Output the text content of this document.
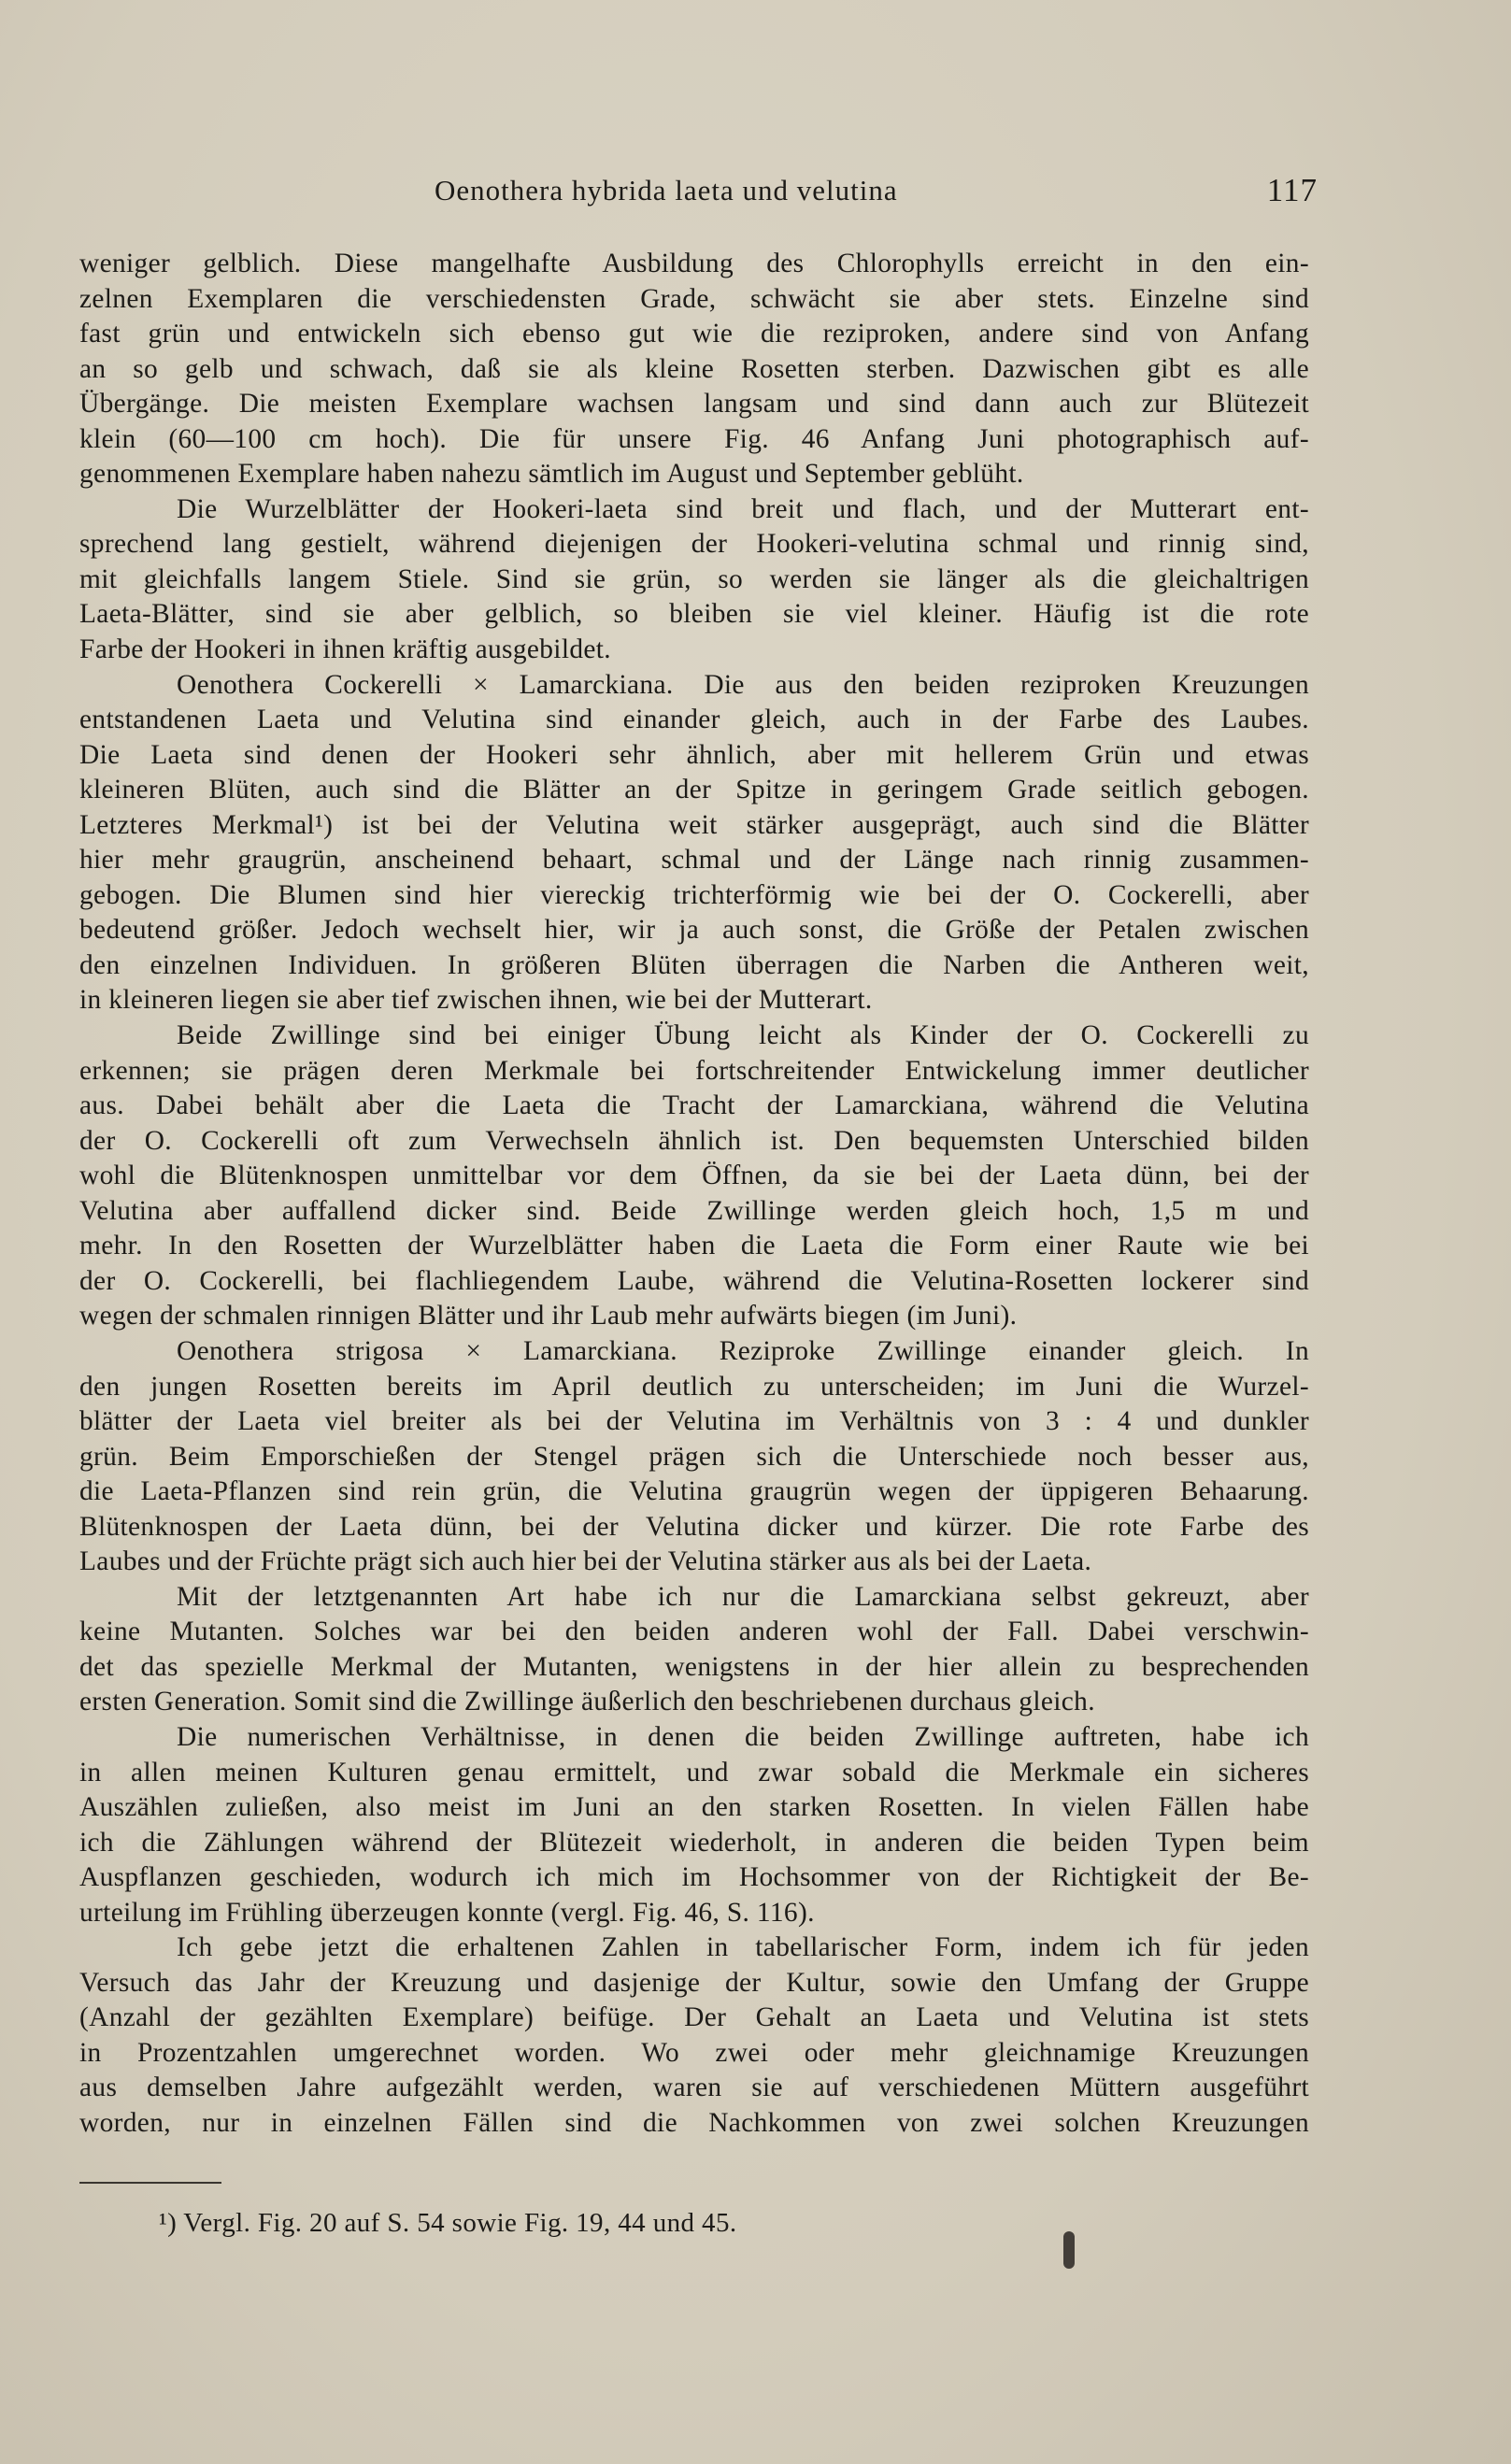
Oenothera hybrida laeta und velutina	117
weniger gelblich. Diese mangelhafte Ausbildung des Chlorophylls erreicht in den ein-
zelnen Exemplaren die verschiedensten Grade, schwächt sie aber stets. Einzelne sind
fast grün und entwickeln sich ebenso gut wie die reziproken, andere sind von Anfang
an so gelb und schwach, daß sie als kleine Rosetten sterben. Dazwischen gibt es alle
Übergänge. Die meisten Exemplare wachsen langsam und sind dann auch zur Blütezeit
klein (60—100 cm hoch). Die für unsere Fig. 46 Anfang Juni photographisch auf-
genommenen Exemplare haben nahezu sämtlich im August und September geblüht.
Die Wurzelblätter der Hookeri-laeta sind breit und flach, und der Mutterart ent-
sprechend lang gestielt, während diejenigen der Hookeri-velutina schmal und rinnig sind,
mit gleichfalls langem Stiele. Sind sie grün, so werden sie länger als die gleichaltrigen
Laeta-Blätter, sind sie aber gelblich, so bleiben sie viel kleiner. Häufig ist die rote
Farbe der Hookeri in ihnen kräftig ausgebildet.
Oenothera Cockerelli × Lamarckiana. Die aus den beiden reziproken Kreuzungen
entstandenen Laeta und Velutina sind einander gleich, auch in der Farbe des Laubes.
Die Laeta sind denen der Hookeri sehr ähnlich, aber mit hellerem Grün und etwas
kleineren Blüten, auch sind die Blätter an der Spitze in geringem Grade seitlich gebogen.
Letzteres Merkmal¹) ist bei der Velutina weit stärker ausgeprägt, auch sind die Blätter
hier mehr graugrün, anscheinend behaart, schmal und der Länge nach rinnig zusammen-
gebogen. Die Blumen sind hier viereckig trichterförmig wie bei der O. Cockerelli, aber
bedeutend größer. Jedoch wechselt hier, wir ja auch sonst, die Größe der Petalen zwischen
den einzelnen Individuen. In größeren Blüten überragen die Narben die Antheren weit,
in kleineren liegen sie aber tief zwischen ihnen, wie bei der Mutterart.
Beide Zwillinge sind bei einiger Übung leicht als Kinder der O. Cockerelli zu
erkennen; sie prägen deren Merkmale bei fortschreitender Entwickelung immer deutlicher
aus. Dabei behält aber die Laeta die Tracht der Lamarckiana, während die Velutina
der O. Cockerelli oft zum Verwechseln ähnlich ist. Den bequemsten Unterschied bilden
wohl die Blütenknospen unmittelbar vor dem Öffnen, da sie bei der Laeta dünn, bei der
Velutina aber auffallend dicker sind. Beide Zwillinge werden gleich hoch, 1,5 m und
mehr. In den Rosetten der Wurzelblätter haben die Laeta die Form einer Raute wie bei
der O. Cockerelli, bei flachliegendem Laube, während die Velutina-Rosetten lockerer sind
wegen der schmalen rinnigen Blätter und ihr Laub mehr aufwärts biegen (im Juni).
Oenothera strigosa × Lamarckiana. Reziproke Zwillinge einander gleich. In
den jungen Rosetten bereits im April deutlich zu unterscheiden; im Juni die Wurzel-
blätter der Laeta viel breiter als bei der Velutina im Verhältnis von 3 : 4 und dunkler
grün. Beim Emporschießen der Stengel prägen sich die Unterschiede noch besser aus,
die Laeta-Pflanzen sind rein grün, die Velutina graugrün wegen der üppigeren Behaarung.
Blütenknospen der Laeta dünn, bei der Velutina dicker und kürzer. Die rote Farbe des
Laubes und der Früchte prägt sich auch hier bei der Velutina stärker aus als bei der Laeta.
Mit der letztgenannten Art habe ich nur die Lamarckiana selbst gekreuzt, aber
keine Mutanten. Solches war bei den beiden anderen wohl der Fall. Dabei verschwin-
det das spezielle Merkmal der Mutanten, wenigstens in der hier allein zu besprechenden
ersten Generation. Somit sind die Zwillinge äußerlich den beschriebenen durchaus gleich.
Die numerischen Verhältnisse, in denen die beiden Zwillinge auftreten, habe ich
in allen meinen Kulturen genau ermittelt, und zwar sobald die Merkmale ein sicheres
Auszählen zuließen, also meist im Juni an den starken Rosetten. In vielen Fällen habe
ich die Zählungen während der Blütezeit wiederholt, in anderen die beiden Typen beim
Auspflanzen geschieden, wodurch ich mich im Hochsommer von der Richtigkeit der Be-
urteilung im Frühling überzeugen konnte (vergl. Fig. 46, S. 116).
Ich gebe jetzt die erhaltenen Zahlen in tabellarischer Form, indem ich für jeden
Versuch das Jahr der Kreuzung und dasjenige der Kultur, sowie den Umfang der Gruppe
(Anzahl der gezählten Exemplare) beifüge. Der Gehalt an Laeta und Velutina ist stets
in Prozentzahlen umgerechnet worden. Wo zwei oder mehr gleichnamige Kreuzungen
aus demselben Jahre aufgezählt werden, waren sie auf verschiedenen Müttern ausgeführt
worden, nur in einzelnen Fällen sind die Nachkommen von zwei solchen Kreuzungen
¹) Vergl. Fig. 20 auf S. 54 sowie Fig. 19, 44 und 45.
